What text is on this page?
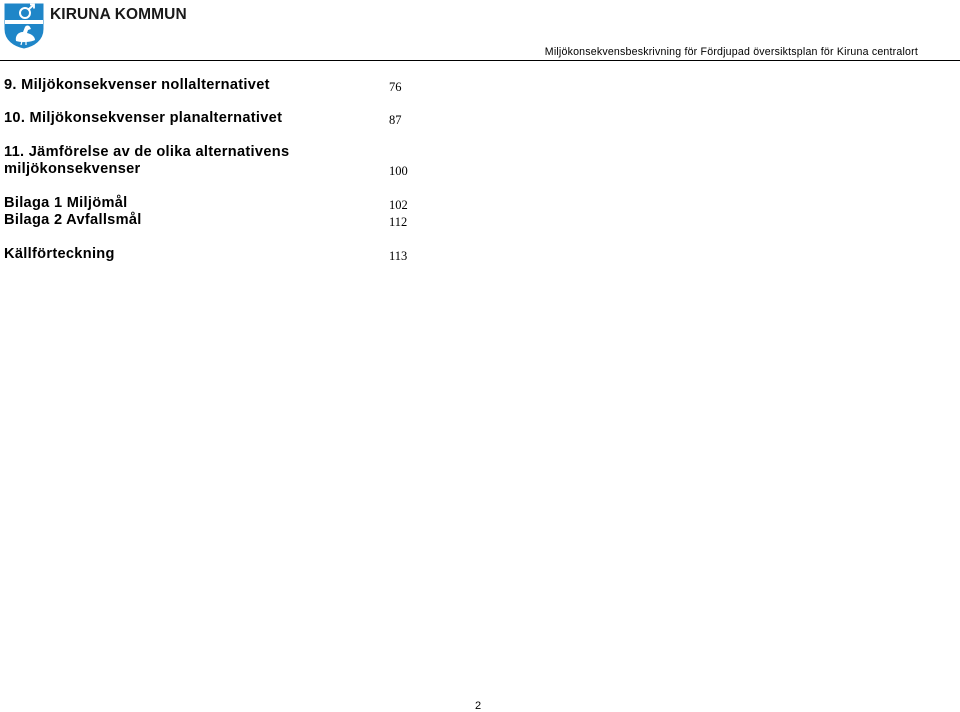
KIRUNA KOMMUN
Miljökonsekvensbeskrivning för Fördjupad översiktsplan för Kiruna centralort
9. Miljökonsekvenser nollalternativet	76
10. Miljökonsekvenser planalternativet	87
11. Jämförelse av de olika alternativens
miljökonsekvenser	100
Bilaga 1 Miljömål	102
Bilaga 2 Avfallsmål	112
Källförteckning	113
2
